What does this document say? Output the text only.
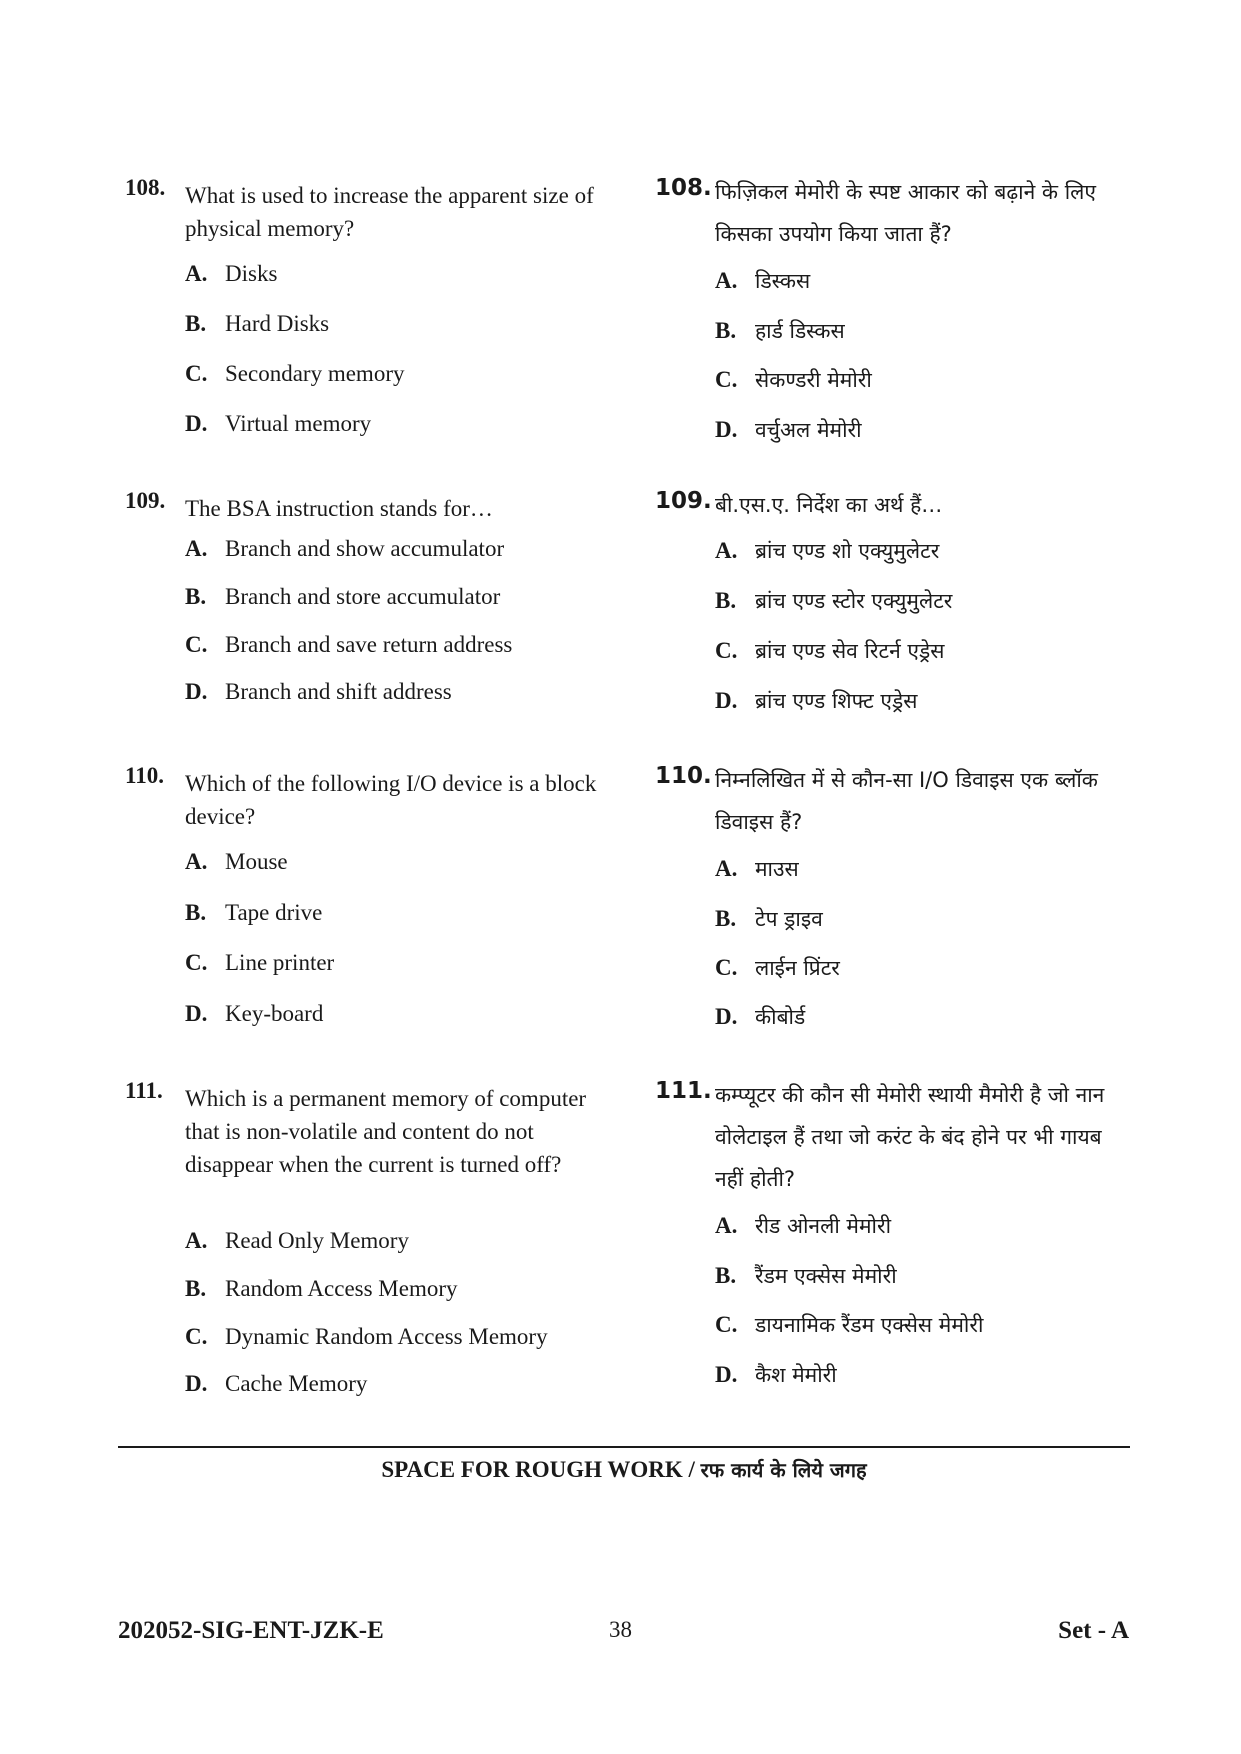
108. What is used to increase the apparent size of physical memory?
A. Disks
B. Hard Disks
C. Secondary memory
D. Virtual memory
109. The BSA instruction stands for…
A. Branch and show accumulator
B. Branch and store accumulator
C. Branch and save return address
D. Branch and shift address
110. Which of the following I/O device is a block device?
A. Mouse
B. Tape drive
C. Line printer
D. Key-board
111. Which is a permanent memory of computer that is non-volatile and content do not disappear when the current is turned off?
A. Read Only Memory
B. Random Access Memory
C. Dynamic Random Access Memory
D. Cache Memory
108. फिज़िकल मेमोरी के स्पष्ट आकार को बढ़ाने के लिए किसका उपयोग किया जाता हैं?
A. डिस्कस
B. हार्ड डिस्कस
C. सेकण्डरी मेमोरी
D. वर्चुअल मेमोरी
109. बी.एस.ए. निर्देश का अर्थ हैं…
A. ब्रांच एण्ड शो एक्युमुलेटर
B. ब्रांच एण्ड स्टोर एक्युमुलेटर
C. ब्रांच एण्ड सेव रिटर्न एड्रेस
D. ब्रांच एण्ड शिफ्ट एड्रेस
110. निम्नलिखित में से कौन-सा I/O डिवाइस एक ब्लॉक डिवाइस हैं?
A. माउस
B. टेप ड्राइव
C. लाईन प्रिंटर
D. कीबोर्ड
111. कम्प्यूटर की कौन सी मेमोरी स्थायी मैमोरी है जो नान वोलेटाइल हैं तथा जो करंट के बंद होने पर भी गायब नहीं होती?
A. रीड ओनली मेमोरी
B. रैंडम एक्सेस मेमोरी
C. डायनामिक रैंडम एक्सेस मेमोरी
D. कैश मेमोरी
SPACE FOR ROUGH WORK / रफ कार्य के लिये जगह
202052-SIG-ENT-JZK-E	38	Set - A
